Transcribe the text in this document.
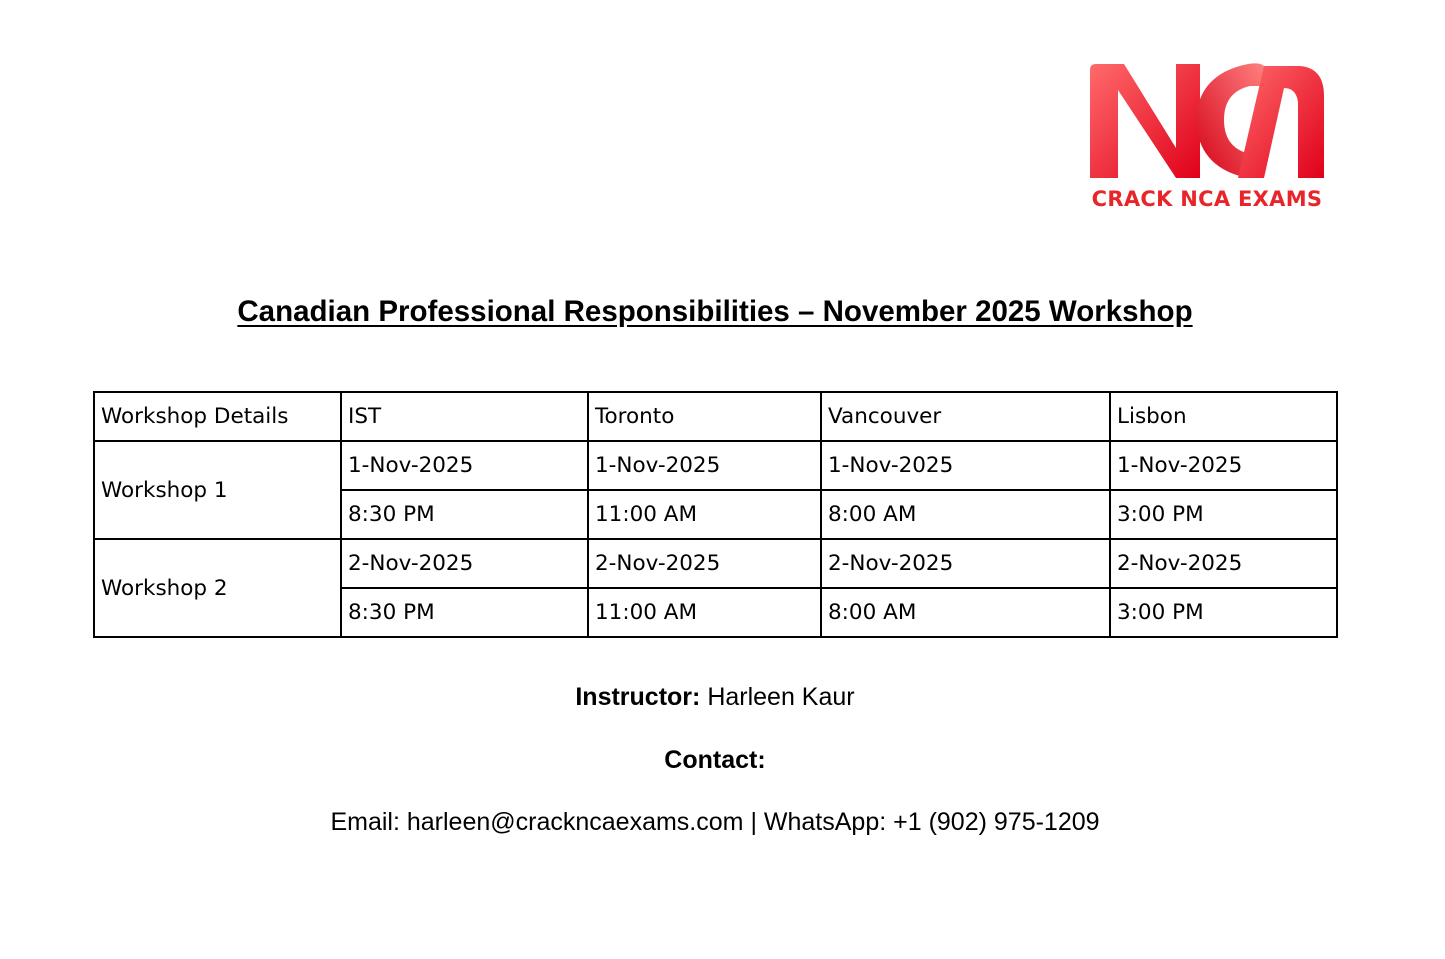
CRACK NCA EXAMS
Canadian Professional Responsibilities – November 2025 Workshop
Workshop Details	IST	Toronto	Vancouver	Lisbon
Workshop 1	1-Nov-2025	1-Nov-2025	1-Nov-2025	1-Nov-2025
	8:30 PM	11:00 AM	8:00 AM	3:00 PM
Workshop 2	2-Nov-2025	2-Nov-2025	2-Nov-2025	2-Nov-2025
	8:30 PM	11:00 AM	8:00 AM	3:00 PM
Instructor: Harleen Kaur
Contact:
Email: harleen@crackncaexams.com | WhatsApp: +1 (902) 975-1209
